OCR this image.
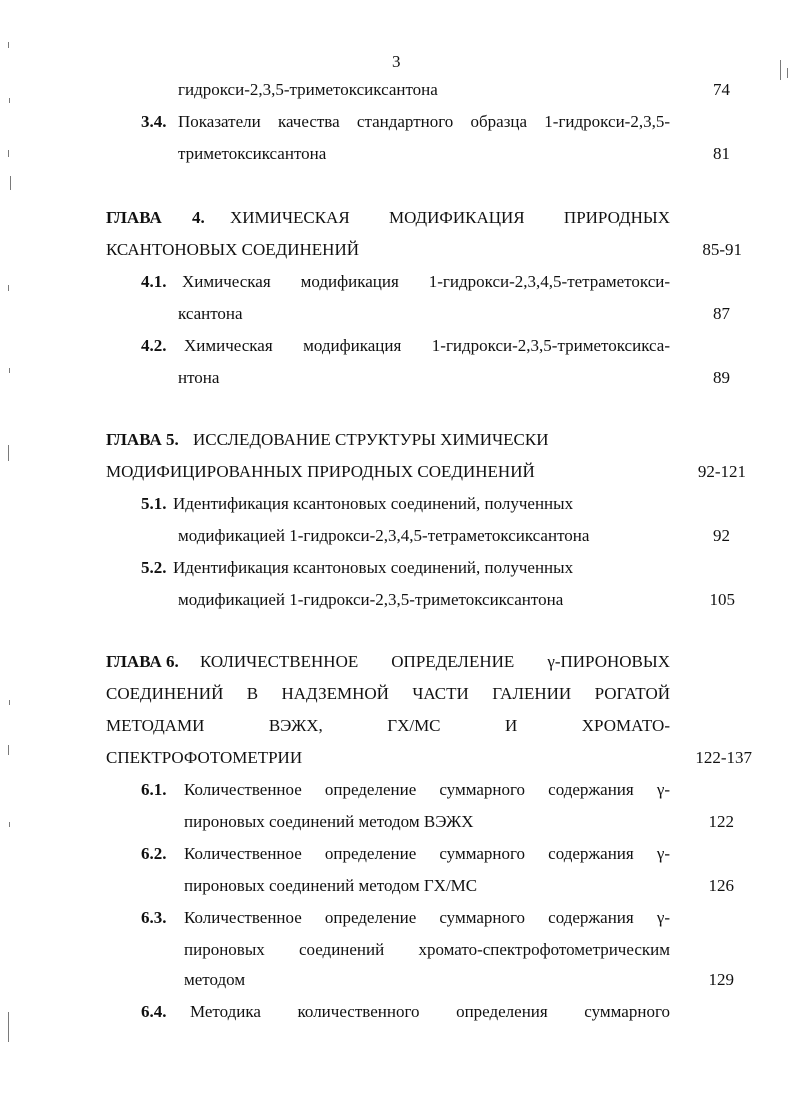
3
гидрокси-2,3,5-триметоксиксантона	74
3.4. Показатели качества стандартного образца 1-гидрокси-2,3,5-
триметоксиксантона	81
ГЛАВА 4. ХИМИЧЕСКАЯ МОДИФИКАЦИЯ ПРИРОДНЫХ
КСАНТОНОВЫХ СОЕДИНЕНИЙ	85-91
4.1. Химическая модификация 1-гидрокси-2,3,4,5-тетраметокси-
ксантона	87
4.2. Химическая модификация 1-гидрокси-2,3,5-триметоксикса-
нтона	89
ГЛАВА 5. ИССЛЕДОВАНИЕ СТРУКТУРЫ ХИМИЧЕСКИ
МОДИФИЦИРОВАННЫХ ПРИРОДНЫХ СОЕДИНЕНИЙ	92-121
5.1. Идентификация ксантоновых соединений, полученных
модификацией 1-гидрокси-2,3,4,5-тетраметоксиксантона	92
5.2. Идентификация ксантоновых соединений, полученных
модификацией 1-гидрокси-2,3,5-триметоксиксантона	105
ГЛАВА 6. КОЛИЧЕСТВЕННОЕ ОПРЕДЕЛЕНИЕ γ-ПИРОНОВЫХ
СОЕДИНЕНИЙ В НАДЗЕМНОЙ ЧАСТИ ГАЛЕНИИ РОГАТОЙ
МЕТОДАМИ ВЭЖХ, ГХ/МС И ХРОМАТО-
СПЕКТРОФОТОМЕТРИИ	122-137
6.1. Количественное определение суммарного содержания γ-
пироновых соединений методом ВЭЖХ	122
6.2. Количественное определение суммарного содержания γ-
пироновых соединений методом ГХ/МС	126
6.3. Количественное определение суммарного содержания γ-
пироновых соединений хромато-спектрофотометрическим
методом	129
6.4. Методика количественного определения суммарного
